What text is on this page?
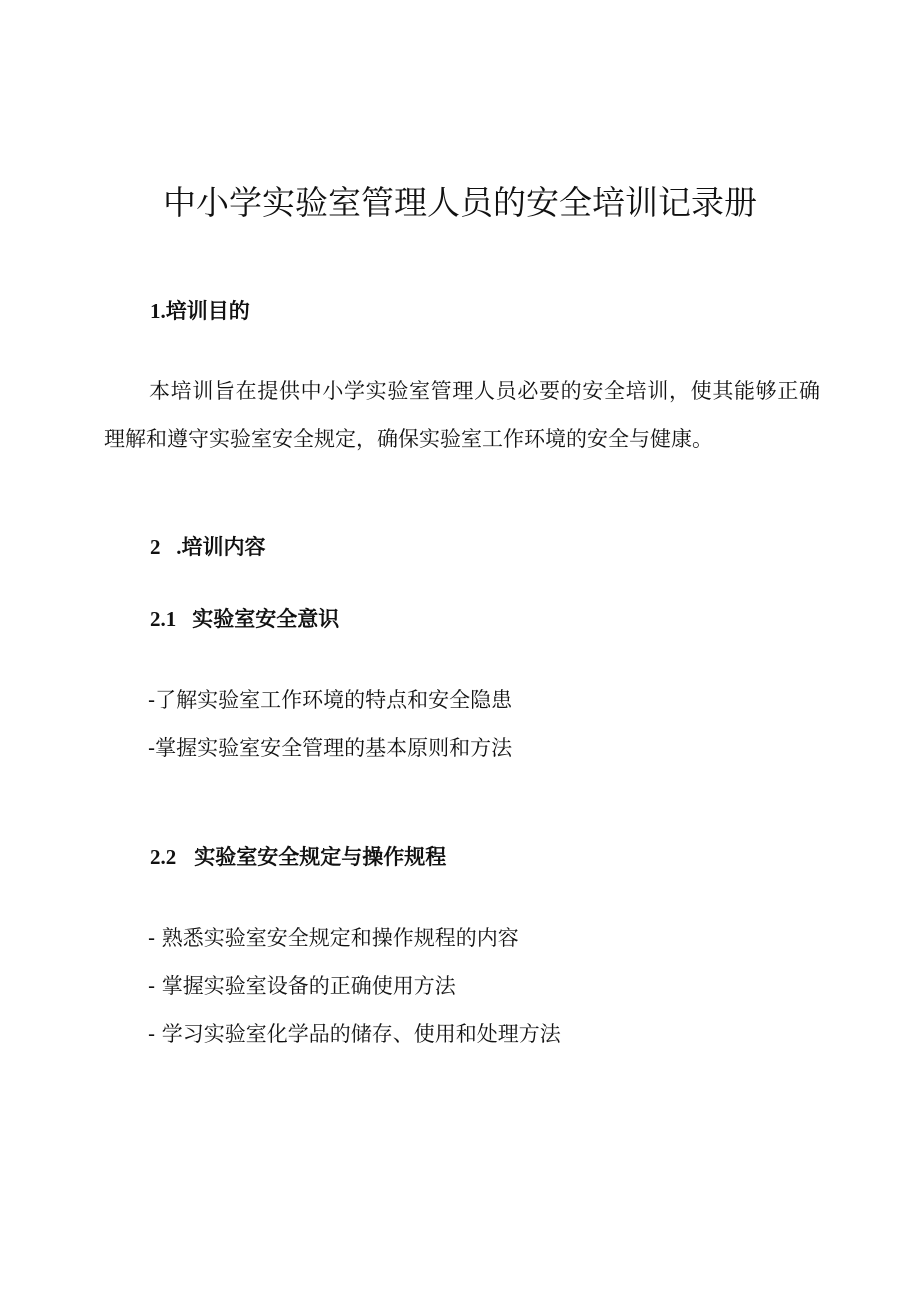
中小学实验室管理人员的安全培训记录册
1.培训目的

本培训旨在提供中小学实验室管理人员必要的安全培训，使其能够正确理解和遵守实验室安全规定，确保实验室工作环境的安全与健康。

2   .培训内容
2.1 实验室安全意识

-了解实验室工作环境的特点和安全隐患

-掌握实验室安全管理的基本原则和方法

2.2 实验室安全规定与操作规程

- 熟悉实验室安全规定和操作规程的内容

- 掌握实验室设备的正确使用方法

- 学习实验室化学品的储存、使用和处理方法
